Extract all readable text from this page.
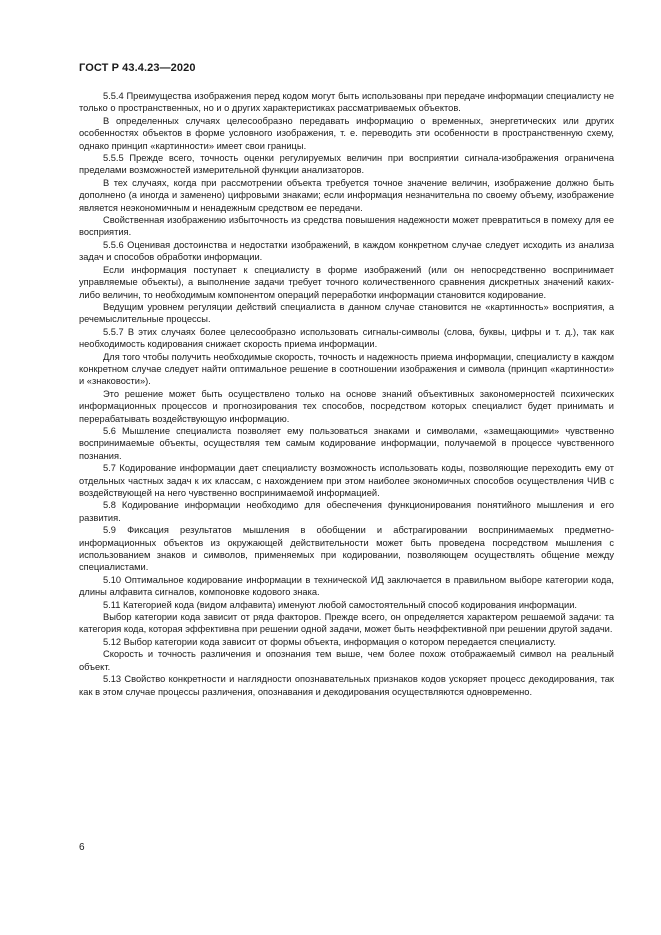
ГОСТ Р 43.4.23—2020

5.5.4 Преимущества изображения перед кодом могут быть использованы при передаче информации специалисту не только о пространственных, но и о других характеристиках рассматриваемых объектов.

В определенных случаях целесообразно передавать информацию о временных, энергетических или других особенностях объектов в форме условного изображения, т. е. переводить эти особенности в пространственную схему, однако принцип «картинности» имеет свои границы.

5.5.5 Прежде всего, точность оценки регулируемых величин при восприятии сигнала-изображения ограничена пределами возможностей измерительной функции анализаторов.

В тех случаях, когда при рассмотрении объекта требуется точное значение величин, изображение должно быть дополнено (а иногда и заменено) цифровыми знаками; если информация незначительна по своему объему, изображение является неэкономичным и ненадежным средством ее передачи.

Свойственная изображению избыточность из средства повышения надежности может превратиться в помеху для ее восприятия.

5.5.6 Оценивая достоинства и недостатки изображений, в каждом конкретном случае следует исходить из анализа задач и способов обработки информации.

Если информация поступает к специалисту в форме изображений (или он непосредственно воспринимает управляемые объекты), а выполнение задачи требует точного количественного сравнения дискретных значений каких-либо величин, то необходимым компонентом операций переработки информации становится кодирование.

Ведущим уровнем регуляции действий специалиста в данном случае становится не «картинность» восприятия, а речемыслительные процессы.

5.5.7 В этих случаях более целесообразно использовать сигналы-символы (слова, буквы, цифры и т. д.), так как необходимость кодирования снижает скорость приема информации.

Для того чтобы получить необходимые скорость, точность и надежность приема информации, специалисту в каждом конкретном случае следует найти оптимальное решение в соотношении изображения и символа (принцип «картинности» и «знаковости»).

Это решение может быть осуществлено только на основе знаний объективных закономерностей психических информационных процессов и прогнозирования тех способов, посредством которых специалист будет принимать и перерабатывать воздействующую информацию.

5.6 Мышление специалиста позволяет ему пользоваться знаками и символами, «замещающими» чувственно воспринимаемые объекты, осуществляя тем самым кодирование информации, получаемой в процессе чувственного познания.

5.7 Кодирование информации дает специалисту возможность использовать коды, позволяющие переходить ему от отдельных частных задач к их классам, с нахождением при этом наиболее экономичных способов осуществления ЧИВ с воздействующей на него чувственно воспринимаемой информацией.

5.8 Кодирование информации необходимо для обеспечения функционирования понятийного мышления и его развития.

5.9 Фиксация результатов мышления в обобщении и абстрагировании воспринимаемых предметно-информационных объектов из окружающей действительности может быть проведена посредством мышления с использованием знаков и символов, применяемых при кодировании, позволяющем осуществлять общение между специалистами.

5.10 Оптимальное кодирование информации в технической ИД заключается в правильном выборе категории кода, длины алфавита сигналов, компоновке кодового знака.

5.11 Категорией кода (видом алфавита) именуют любой самостоятельный способ кодирования информации.

Выбор категории кода зависит от ряда факторов. Прежде всего, он определяется характером решаемой задачи: та категория кода, которая эффективна при решении одной задачи, может быть неэффективной при решении другой задачи.

5.12 Выбор категории кода зависит от формы объекта, информация о котором передается специалисту.

Скорость и точность различения и опознания тем выше, чем более похож отображаемый символ на реальный объект.

5.13 Свойство конкретности и наглядности опознавательных признаков кодов ускоряет процесс декодирования, так как в этом случае процессы различения, опознавания и декодирования осуществляются одновременно.

6
